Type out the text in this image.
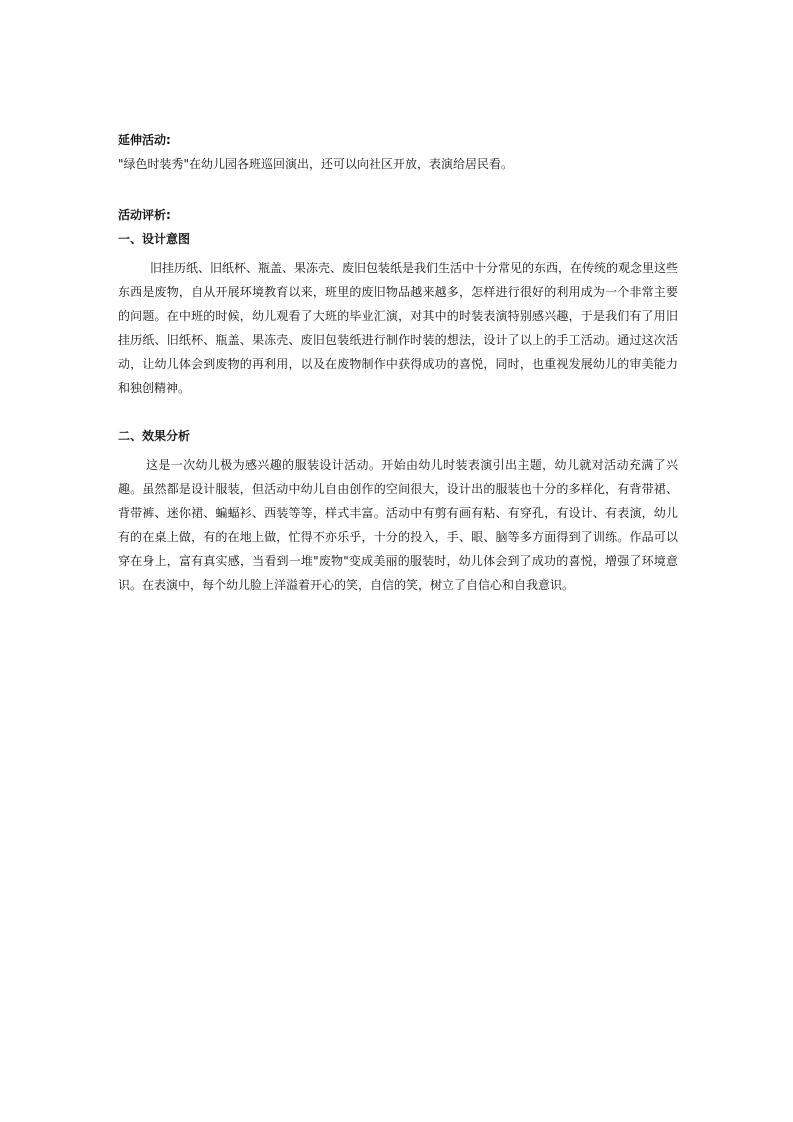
延伸活动:
"绿色时装秀"在幼儿园各班巡回演出，还可以向社区开放，表演给居民看。
活动评析:
一、设计意图
旧挂历纸、旧纸杯、瓶盖、果冻壳、废旧包装纸是我们生活中十分常见的东西，在传统的观念里这些东西是废物，自从开展环境教育以来，班里的废旧物品越来越多，怎样进行很好的利用成为一个非常主要的问题。在中班的时候，幼儿观看了大班的毕业汇演，对其中的时装表演特别感兴趣，于是我们有了用旧挂历纸、旧纸杯、瓶盖、果冻壳、废旧包装纸进行制作时装的想法，设计了以上的手工活动。通过这次活动，让幼儿体会到废物的再利用，以及在废物制作中获得成功的喜悦，同时，也重视发展幼儿的审美能力和独创精神。
二、效果分析
这是一次幼儿极为感兴趣的服装设计活动。开始由幼儿时装表演引出主题，幼儿就对活动充满了兴趣。虽然都是设计服装，但活动中幼儿自由创作的空间很大，设计出的服装也十分的多样化，有背带裙、背带裤、迷你裙、蝙蝠衫、西装等等，样式丰富。活动中有剪有画有粘、有穿孔，有设计、有表演，幼儿有的在桌上做，有的在地上做，忙得不亦乐乎，十分的投入，手、眼、脑等多方面得到了训练。作品可以穿在身上，富有真实感，当看到一堆"废物"变成美丽的服装时，幼儿体会到了成功的喜悦，增强了环境意识。在表演中，每个幼儿脸上洋溢着开心的笑，自信的笑，树立了自信心和自我意识。
